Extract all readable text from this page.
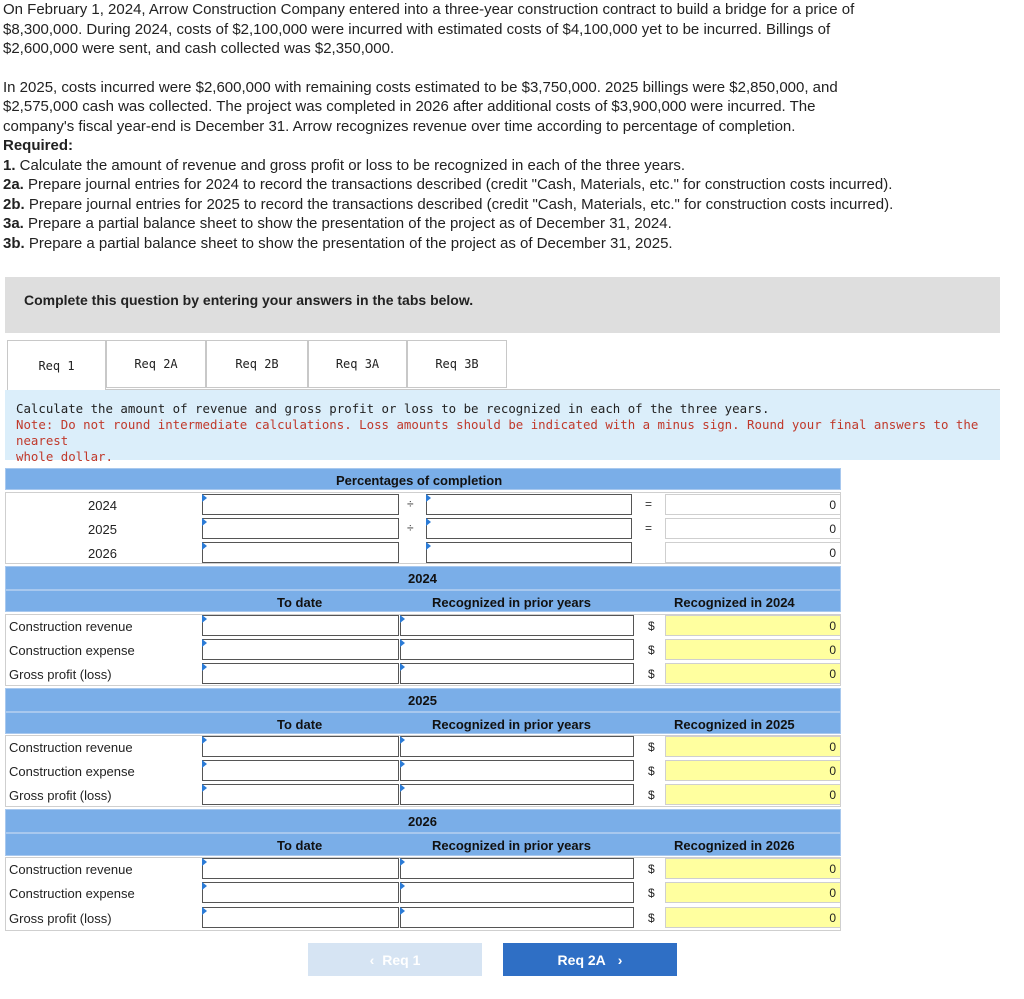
On February 1, 2024, Arrow Construction Company entered into a three-year construction contract to build a bridge for a price of

$8,300,000. During 2024, costs of $2,100,000 were incurred with estimated costs of $4,100,000 yet to be incurred. Billings of

$2,600,000 were sent, and cash collected was $2,350,000.

In 2025, costs incurred were $2,600,000 with remaining costs estimated to be $3,750,000. 2025 billings were $2,850,000, and

$2,575,000 cash was collected. The project was completed in 2026 after additional costs of $3,900,000 were incurred. The

company's fiscal year-end is December 31. Arrow recognizes revenue over time according to percentage of completion.

Required:

1. Calculate the amount of revenue and gross profit or loss to be recognized in each of the three years.

2a. Prepare journal entries for 2024 to record the transactions described (credit "Cash, Materials, etc." for construction costs incurred).

2b. Prepare journal entries for 2025 to record the transactions described (credit "Cash, Materials, etc." for construction costs incurred).

3a. Prepare a partial balance sheet to show the presentation of the project as of December 31, 2024.

3b. Prepare a partial balance sheet to show the presentation of the project as of December 31, 2025.

Complete this question by entering your answers in the tabs below.
Req 1	Req 2A	Req 2B	Req 3A	Req 3B
Calculate the amount of revenue and gross profit or loss to be recognized in each of the three years.
Note: Do not round intermediate calculations. Loss amounts should be indicated with a minus sign. Round your final answers to the nearest
whole dollar.
Percentages of completion
2024	÷	=	0
2025	÷	=	0
2026	0
2024
To date	Recognized in prior years	Recognized in 2024
Construction revenue	$	0
Construction expense	$	0
Gross profit (loss)	$	0
2025
To date	Recognized in prior years	Recognized in 2025
Construction revenue	$	0
Construction expense	$	0
Gross profit (loss)	$	0
2026
To date	Recognized in prior years	Recognized in 2026
Construction revenue	$	0
Construction expense	$	0
Gross profit (loss)	$	0
‹ Req 1	Req 2A ›
